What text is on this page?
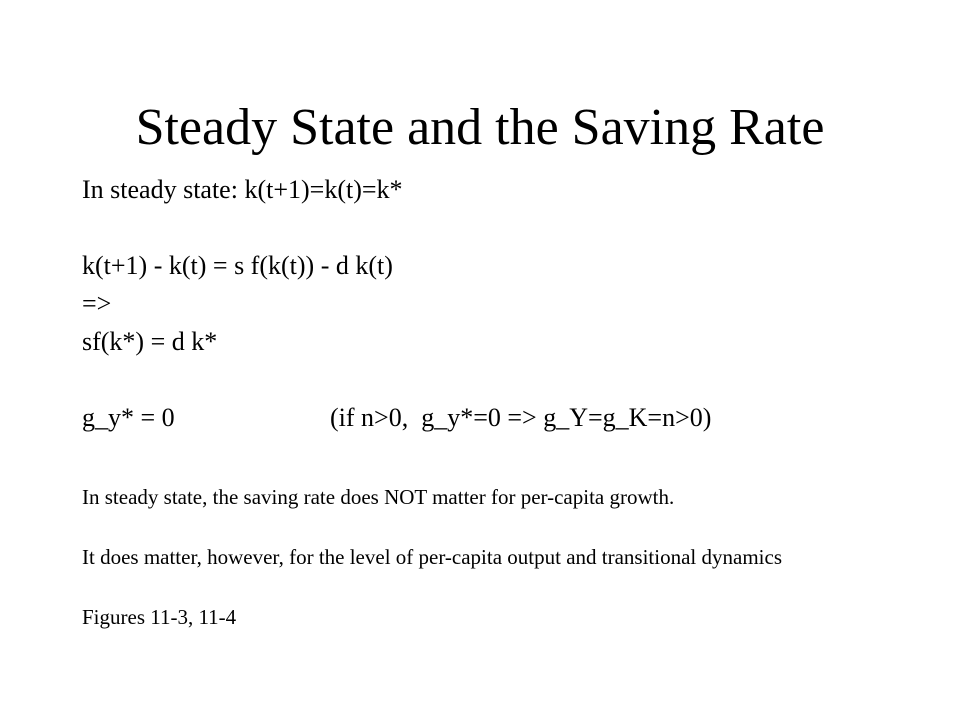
Steady State and the Saving Rate
In steady state: k(t+1)=k(t)=k*
k(t+1) - k(t) = s f(k(t)) - d k(t)
=>
sf(k*) = d k*
g_y* = 0	(if n>0,  g_y*=0 => g_Y=g_K=n>0)
In steady state, the saving rate does NOT matter for per-capita growth.
It does matter, however, for the level of per-capita output and transitional dynamics
Figures 11-3, 11-4
